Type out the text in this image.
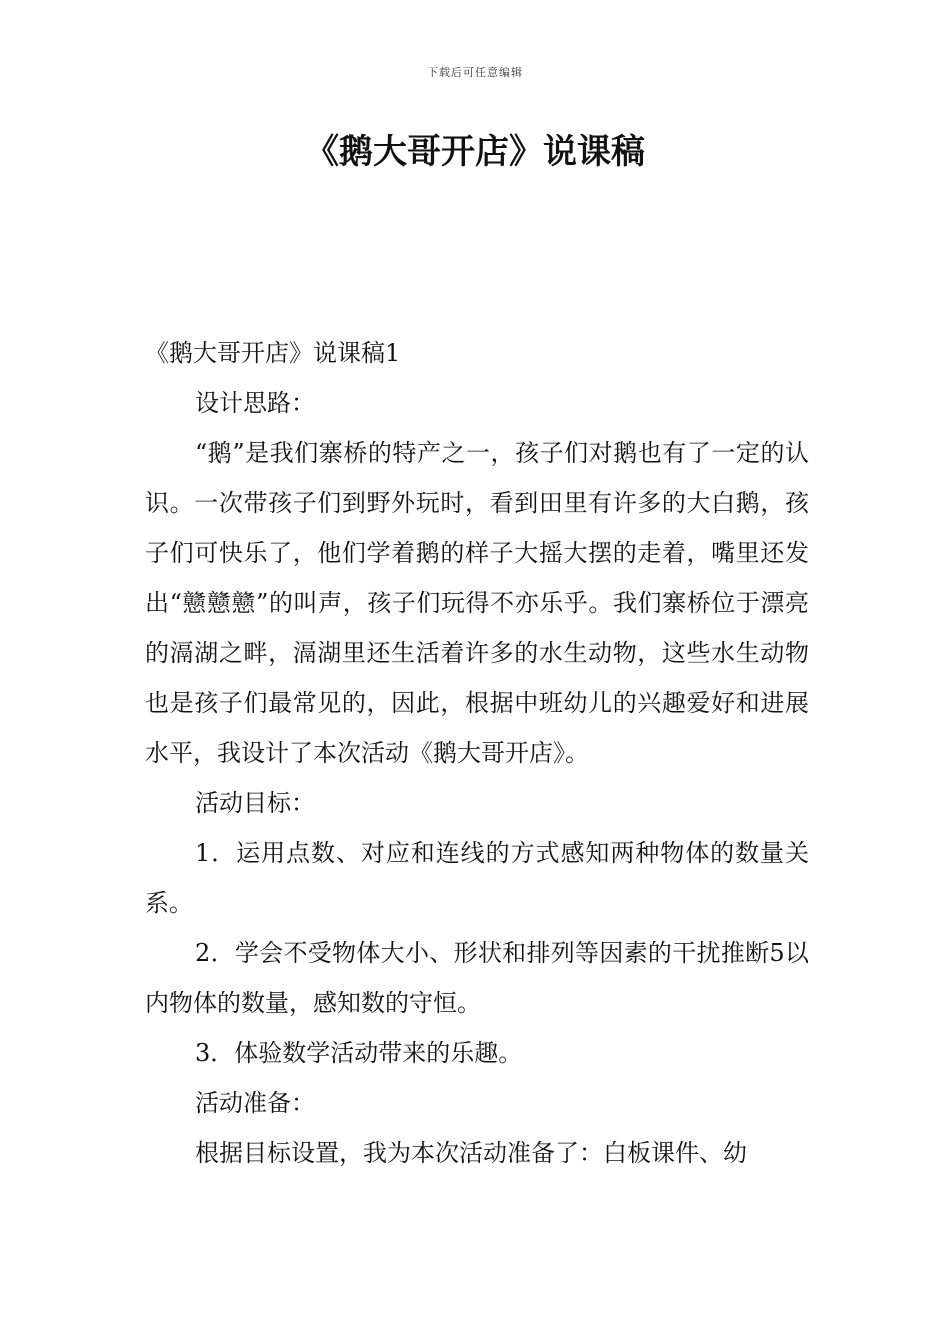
下载后可任意编辑
《鹅大哥开店》说课稿

《鹅大哥开店》说课稿1

设计思路：

“鹅”是我们寨桥的特产之一，孩子们对鹅也有了一定的认识。一次带孩子们到野外玩时，看到田里有许多的大白鹅，孩子们可快乐了，他们学着鹅的样子大摇大摆的走着，嘴里还发出“戆戆戆”的叫声，孩子们玩得不亦乐乎。我们寨桥位于漂亮的滆湖之畔，滆湖里还生活着许多的水生动物，这些水生动物也是孩子们最常见的，因此，根据中班幼儿的兴趣爱好和进展水平，我设计了本次活动《鹅大哥开店》。

活动目标：

1．运用点数、对应和连线的方式感知两种物体的数量关系。

2．学会不受物体大小、形状和排列等因素的干扰推断5以内物体的数量，感知数的守恒。

3．体验数学活动带来的乐趣。

活动准备：

根据目标设置，我为本次活动准备了：白板课件、幼
